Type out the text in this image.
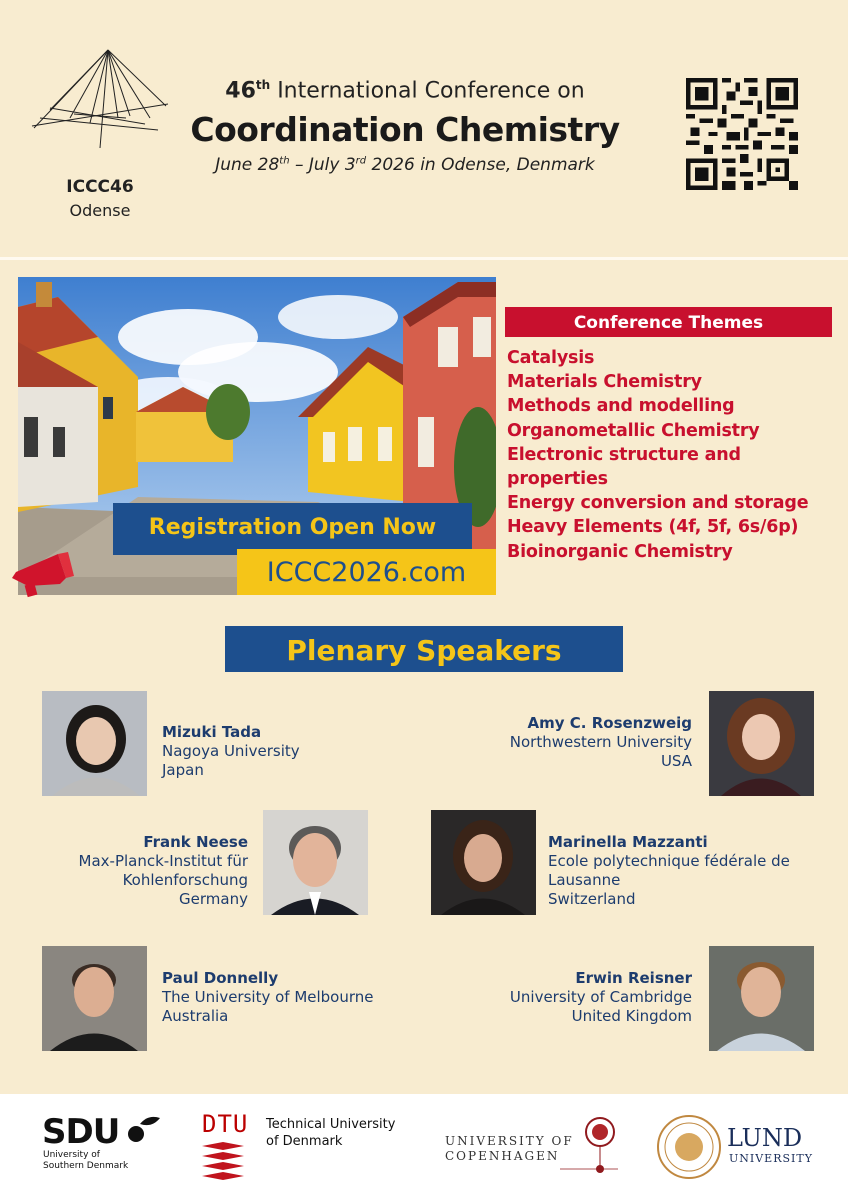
ICCC46
Odense
46th International Conference on
Coordination Chemistry
June 28th – July 3rd 2026 in Odense, Denmark
Registration Open Now
ICCC2026.com
Conference Themes
Catalysis
Materials Chemistry
Methods and modelling
Organometallic Chemistry
Electronic structure and
properties
Energy conversion and storage
Heavy Elements (4f, 5f, 6s/6p)
Bioinorganic Chemistry
Plenary Speakers
Mizuki Tada
Nagoya University
Japan
Amy C. Rosenzweig
Northwestern University
USA
Frank Neese
Max-Planck-Institut für
Kohlenforschung
Germany
Marinella Mazzanti
Ecole polytechnique fédérale de
Lausanne
Switzerland
Paul Donnelly
The University of Melbourne
Australia
Erwin Reisner
University of Cambridge
United Kingdom
SDU
University of
Southern Denmark
DTU Technical University
of Denmark	UNIVERSITY OF
COPENHAGEN
LUND
UNIVERSITY
